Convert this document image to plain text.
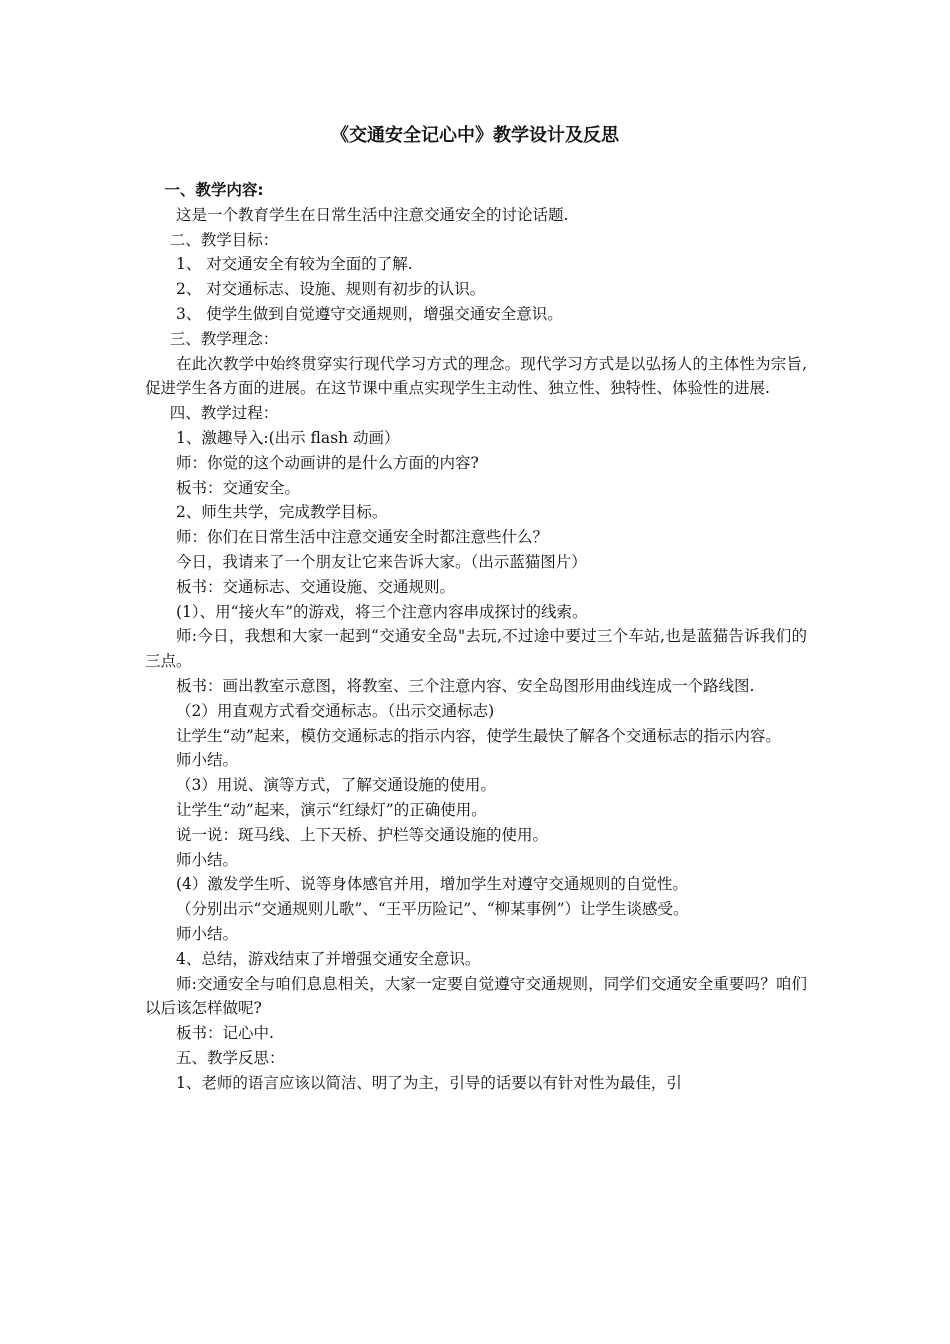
《交通安全记心中》教学设计及反思

一、教学内容:

这是一个教育学生在日常生活中注意交通安全的讨论话题.

二、教学目标：

1、 对交通安全有较为全面的了解.

2、 对交通标志、设施、规则有初步的认识。

3、 使学生做到自觉遵守交通规则，增强交通安全意识。

三、教学理念：

在此次教学中始终贯穿实行现代学习方式的理念。现代学习方式是以弘扬人的主体性为宗旨,促进学生各方面的进展。在这节课中重点实现学生主动性、独立性、独特性、体验性的进展.

四、教学过程：

1、激趣导入:(出示 flash 动画）

师：你觉的这个动画讲的是什么方面的内容?

板书：交通安全。

2、师生共学，完成教学目标。

师：你们在日常生活中注意交通安全时都注意些什么？

今日，我请来了一个朋友让它来告诉大家。（出示蓝猫图片）

板书：交通标志、交通设施、交通规则。

(1）、用“接火车”的游戏，将三个注意内容串成探讨的线索。

师:今日，我想和大家一起到“交通安全岛"去玩,不过途中要过三个车站,也是蓝猫告诉我们的三点。

板书：画出教室示意图，将教室、三个注意内容、安全岛图形用曲线连成一个路线图.

（2）用直观方式看交通标志。（出示交通标志)

让学生“动”起来，模仿交通标志的指示内容，使学生最快了解各个交通标志的指示内容。

师小结。

（3）用说、演等方式，了解交通设施的使用。

让学生“动”起来，演示“红绿灯”的正确使用。

说一说：斑马线、上下天桥、护栏等交通设施的使用。

师小结。

(4）激发学生听、说等身体感官并用，增加学生对遵守交通规则的自觉性。

（分别出示“交通规则儿歌”、“王平历险记”、“柳某事例”）让学生谈感受。

师小结。

4、总结，游戏结束了并增强交通安全意识。

师:交通安全与咱们息息相关，大家一定要自觉遵守交通规则，同学们交通安全重要吗？咱们以后该怎样做呢?

板书：记心中.

五、教学反思：

1、老师的语言应该以简洁、明了为主，引导的话要以有针对性为最佳，引
